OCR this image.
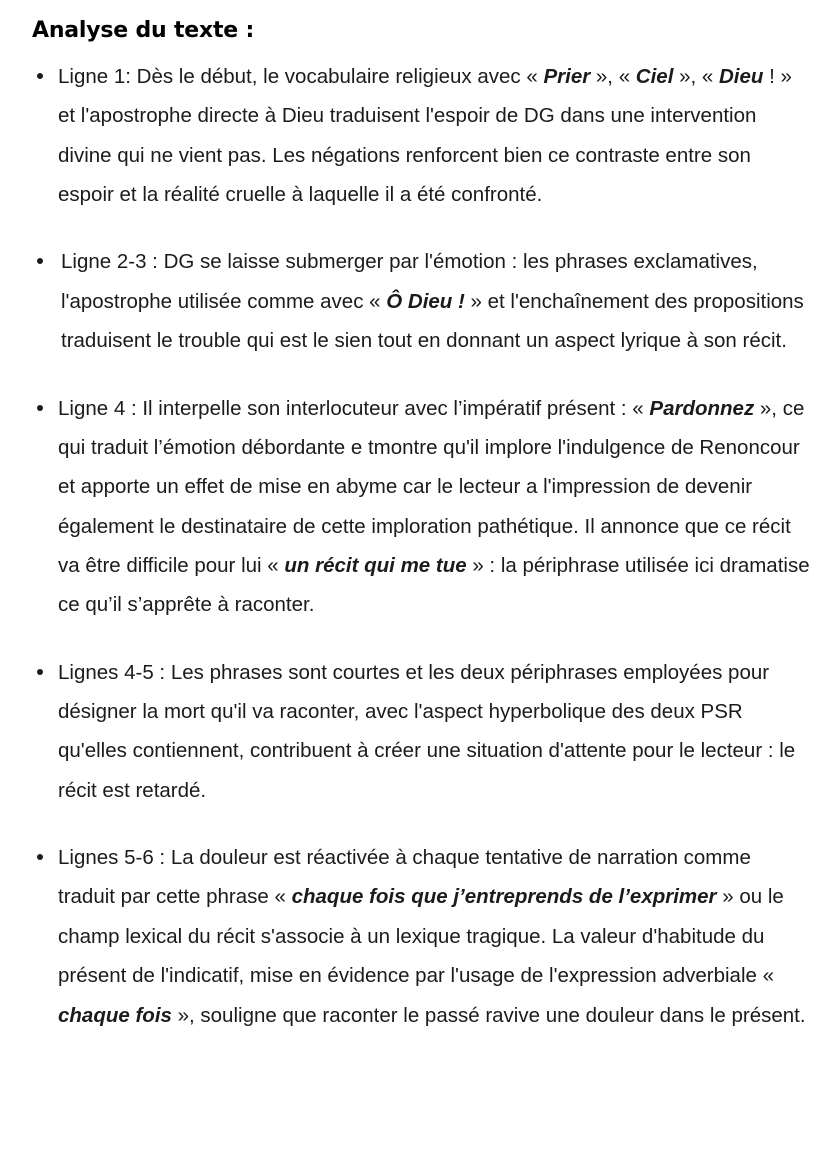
Analyse du texte :
Ligne 1: Dès le début, le vocabulaire religieux avec « Prier », « Ciel », « Dieu ! » et l'apostrophe directe à Dieu traduisent l'espoir de DG dans une intervention divine qui ne vient pas. Les négations renforcent bien ce contraste entre son espoir et la réalité cruelle à laquelle il a été confronté.
Ligne 2-3 : DG se laisse submerger par l'émotion : les phrases exclamatives, l'apostrophe utilisée comme avec « Ô Dieu ! » et l'enchaînement des propositions traduisent le trouble qui est le sien tout en donnant un aspect lyrique à son récit.
Ligne 4 : Il interpelle son interlocuteur avec l’impératif présent : « Pardonnez », ce qui traduit l’émotion débordante e tmontre qu'il implore l'indulgence de Renoncour et apporte un effet de mise en abyme car le lecteur a l'impression de devenir également le destinataire de cette imploration pathétique. Il annonce que ce récit va être difficile pour lui « un récit qui me tue » : la périphrase utilisée ici dramatise ce qu’il s’apprête à raconter.
Lignes 4-5 : Les phrases sont courtes et les deux périphrases employées pour désigner la mort qu'il va raconter, avec l'aspect hyperbolique des deux PSR qu'elles contiennent, contribuent à créer une situation d'attente pour le lecteur : le récit est retardé.
Lignes 5-6 : La douleur est réactivée à chaque tentative de narration comme traduit par cette phrase « chaque fois que j’entreprends de l’exprimer » ou le champ lexical du récit s'associe à un lexique tragique. La valeur d'habitude du présent de l'indicatif, mise en évidence par l'usage de l'expression adverbiale « chaque fois », souligne que raconter le passé ravive une douleur dans le présent.
